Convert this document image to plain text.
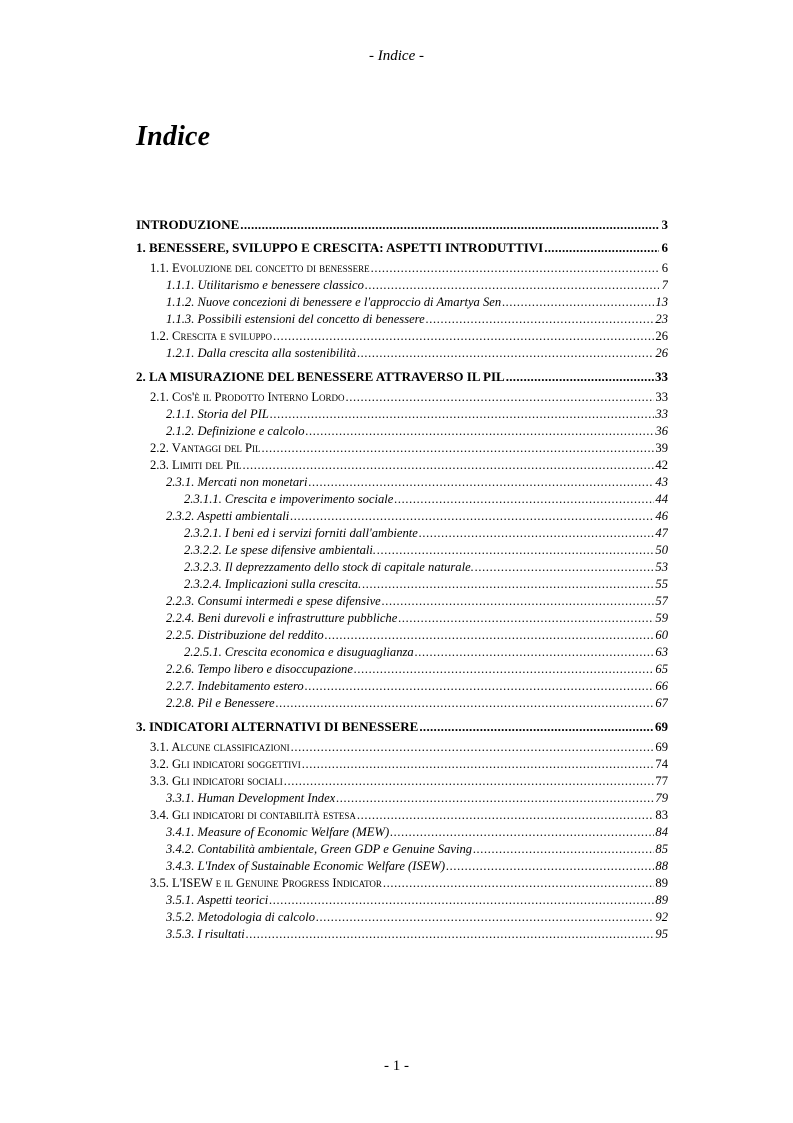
- Indice -
Indice
INTRODUZIONE .....	3
1. BENESSERE, SVILUPPO E CRESCITA: ASPETTI INTRODUTTIVI .....	6
1.1. Evoluzione del concetto di benessere .....	6
1.1.1. Utilitarismo e benessere classico .....	7
1.1.2. Nuove concezioni di benessere e l'approccio di Amartya Sen .....	13
1.1.3. Possibili estensioni del concetto di benessere .....	23
1.2. Crescita e sviluppo .....	26
1.2.1. Dalla crescita alla sostenibilità .....	26
2. LA MISURAZIONE DEL BENESSERE ATTRAVERSO IL PIL .....	33
2.1. Cos'è il Prodotto Interno Lordo .....	33
2.1.1. Storia del PIL .....	33
2.1.2. Definizione e calcolo .....	36
2.2. Vantaggi del Pil .....	39
2.3. Limiti del Pil .....	42
2.3.1. Mercati non monetari .....	43
2.3.1.1. Crescita e impoverimento sociale .....	44
2.3.2. Aspetti ambientali .....	46
2.3.2.1. I beni ed i servizi forniti dall'ambiente .....	47
2.3.2.2. Le spese difensive ambientali. .....	50
2.3.2.3. Il deprezzamento dello stock di capitale naturale. .....	53
2.3.2.4. Implicazioni sulla crescita. .....	55
2.2.3. Consumi intermedi e spese difensive .....	57
2.2.4. Beni durevoli e infrastrutture pubbliche .....	59
2.2.5. Distribuzione del reddito .....	60
2.2.5.1. Crescita economica e disuguaglianza .....	63
2.2.6. Tempo libero e disoccupazione .....	65
2.2.7. Indebitamento estero .....	66
2.2.8. Pil e Benessere .....	67
3. INDICATORI ALTERNATIVI DI BENESSERE .....	69
3.1. Alcune classificazioni .....	69
3.2. Gli indicatori soggettivi .....	74
3.3. Gli indicatori sociali .....	77
3.3.1. Human Development Index .....	79
3.4. Gli indicatori di contabilità estesa .....	83
3.4.1. Measure of Economic Welfare (MEW) .....	84
3.4.2. Contabilità ambientale, Green GDP e Genuine Saving .....	85
3.4.3. L'Index of Sustainable Economic Welfare (ISEW) .....	88
3.5. L'ISEW e il Genuine Progress Indicator .....	89
3.5.1. Aspetti teorici .....	89
3.5.2. Metodologia di calcolo .....	92
3.5.3. I risultati .....	95
- 1 -
